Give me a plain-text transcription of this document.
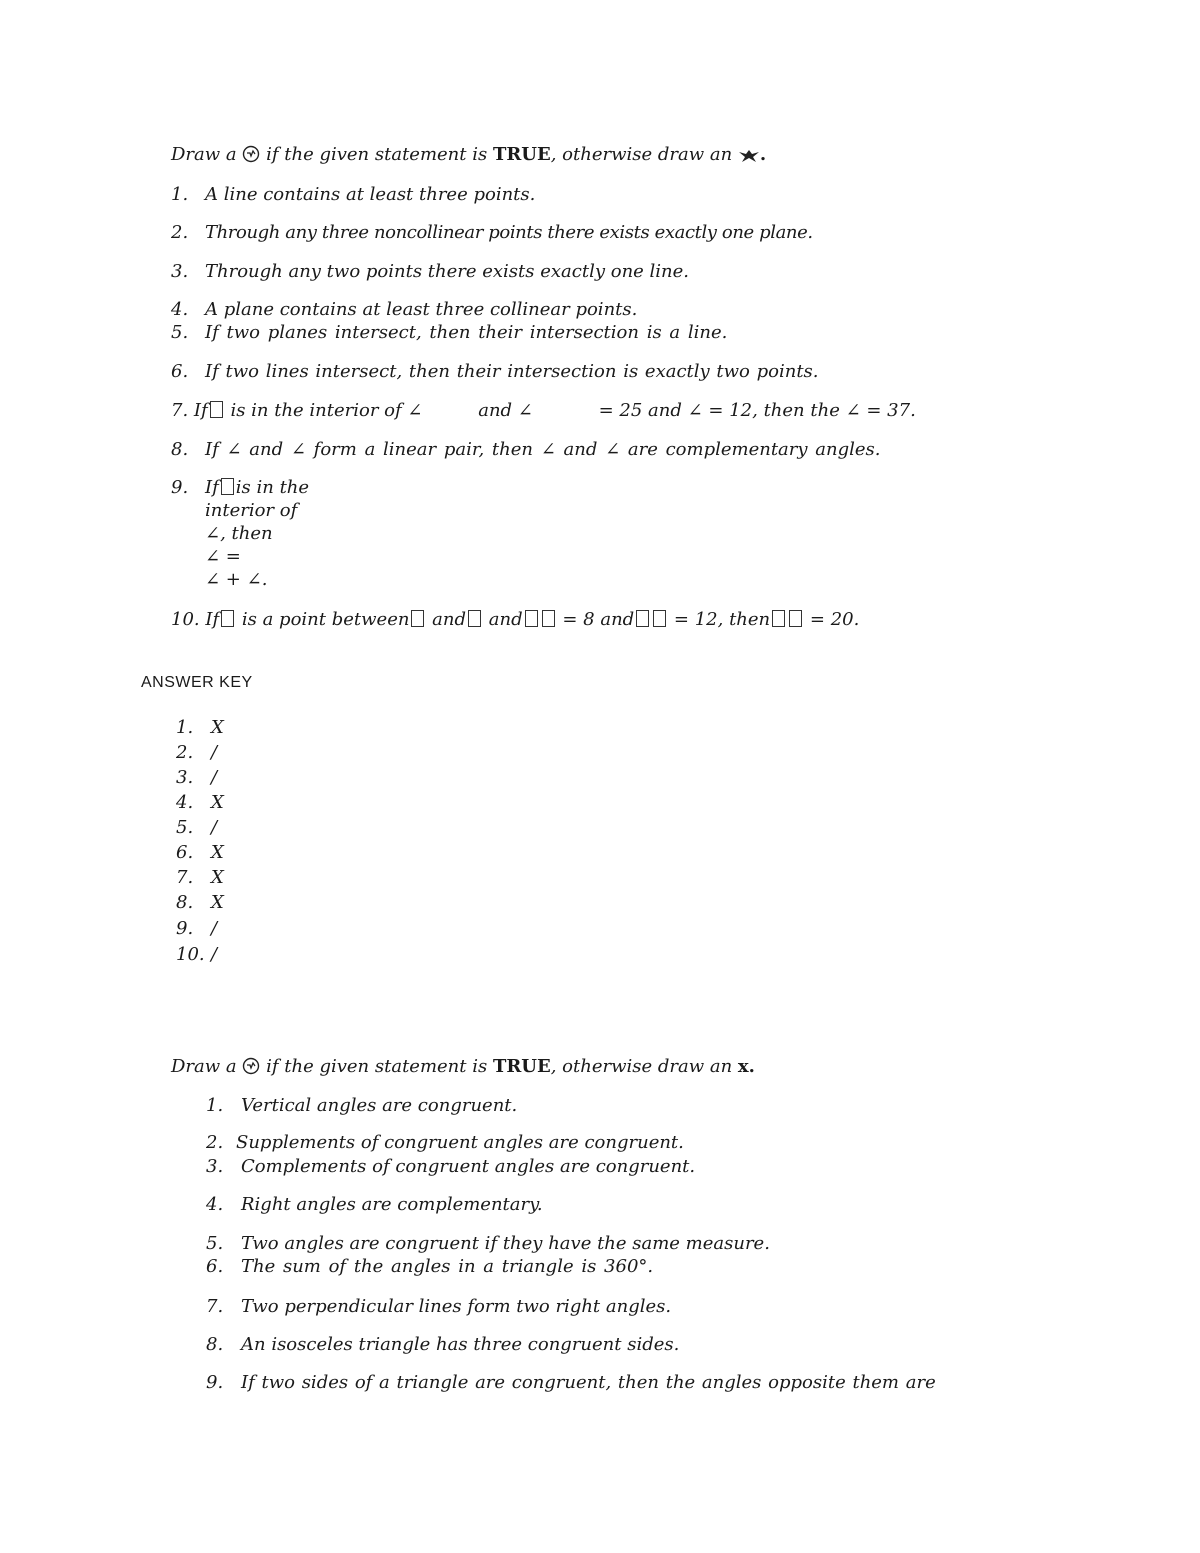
Draw a if the given statement is TRUE, otherwise draw an .
1. A line contains at least three points.
2. Through any three noncollinear points there exists exactly one plane.
3. Through any two points there exists exactly one line.
4. A plane contains at least three collinear points.
5. If two planes intersect, then their intersection is a line.
6. If two lines intersect, then their intersection is exactly two points.
7. If is in the interior of ∠	and ∠	= 25 and ∠ = 12, then the ∠ = 37.
8. If ∠ and ∠ form a linear pair, then ∠ and ∠ are complementary angles.
9. If is in the
interior of
∠, then
∠ =
∠ + ∠.
10. If is a point between and and = 8 and = 12, then = 20.
ANSWER KEY
1. X
2. /
3. /
4. X
5. /
6. X
7. X
8. X
9. /
10. /
Draw a if the given statement is TRUE, otherwise draw an x.
1. Vertical angles are congruent.
2. Supplements of congruent angles are congruent.
3. Complements of congruent angles are congruent.
4. Right angles are complementary.
5. Two angles are congruent if they have the same measure.
6. The sum of the angles in a triangle is 360°.
7. Two perpendicular lines form two right angles.
8. An isosceles triangle has three congruent sides.
9. If two sides of a triangle are congruent, then the angles opposite them are
